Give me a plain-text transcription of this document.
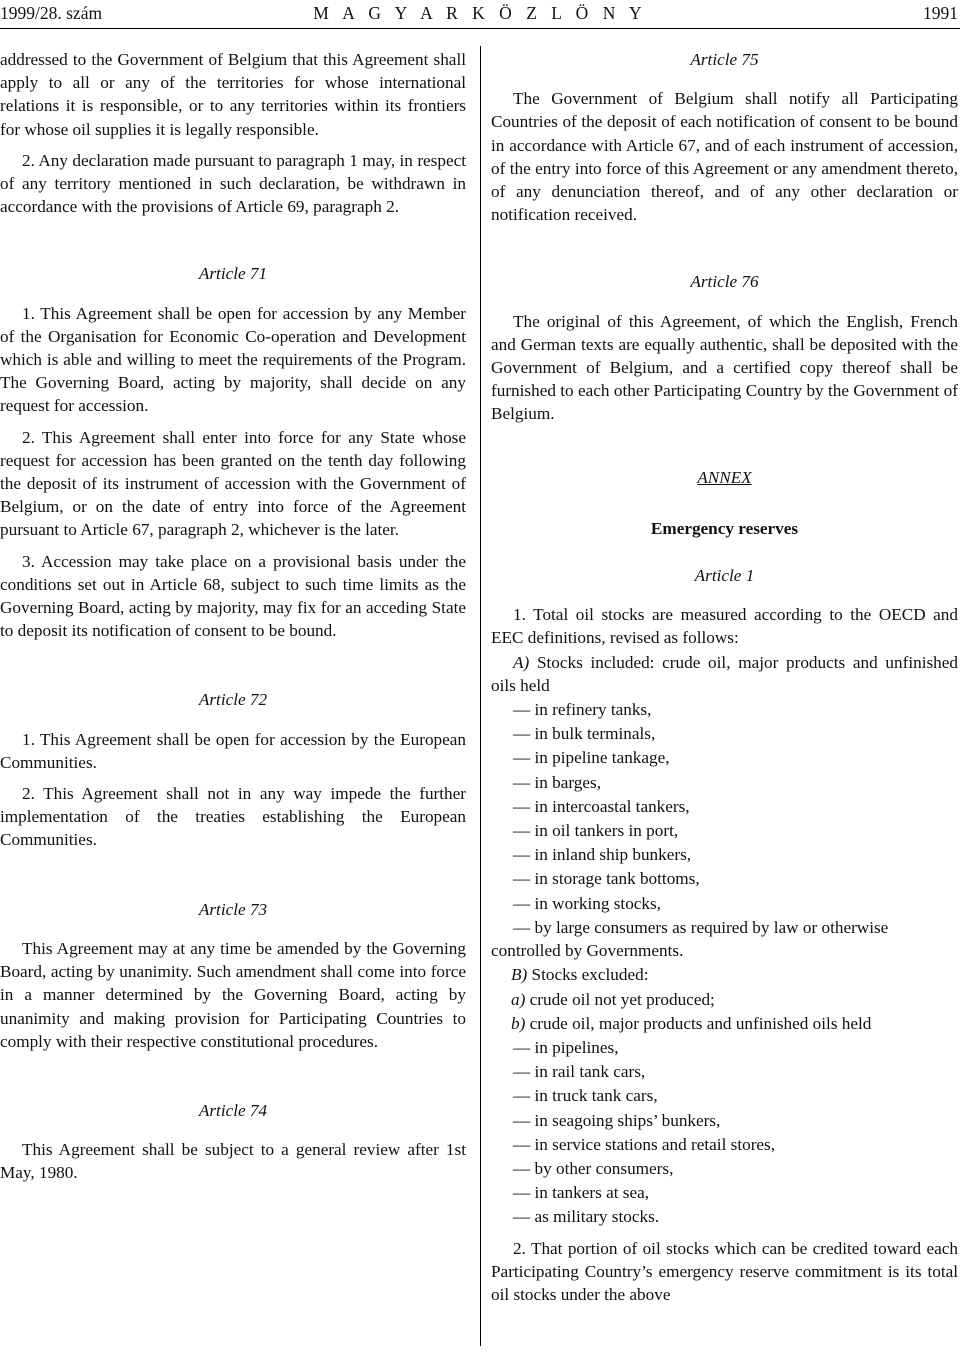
1999/28. szám	M A G Y A R K Ö Z L Ö N Y	1991

addressed to the Government of Belgium that this Agreement shall apply to all or any of the territories for whose international relations it is responsible, or to any territories within its frontiers for whose oil supplies it is legally responsible.

2. Any declaration made pursuant to paragraph 1 may, in respect of any territory mentioned in such declaration, be withdrawn in accordance with the provisions of Article 69, paragraph 2.

Article 71

1. This Agreement shall be open for accession by any Member of the Organisation for Economic Co-operation and Development which is able and willing to meet the requirements of the Program. The Governing Board, acting by majority, shall decide on any request for accession.

2. This Agreement shall enter into force for any State whose request for accession has been granted on the tenth day following the deposit of its instrument of accession with the Government of Belgium, or on the date of entry into force of the Agreement pursuant to Article 67, paragraph 2, whichever is the later.

3. Accession may take place on a provisional basis under the conditions set out in Article 68, subject to such time limits as the Governing Board, acting by majority, may fix for an acceding State to deposit its notification of consent to be bound.

Article 72

1. This Agreement shall be open for accession by the European Communities.

2. This Agreement shall not in any way impede the further implementation of the treaties establishing the European Communities.

Article 73

This Agreement may at any time be amended by the Governing Board, acting by unanimity. Such amendment shall come into force in a manner determined by the Governing Board, acting by unanimity and making provision for Participating Countries to comply with their respective constitutional procedures.

Article 74

This Agreement shall be subject to a general review after 1st May, 1980.

Article 75

The Government of Belgium shall notify all Participating Countries of the deposit of each notification of consent to be bound in accordance with Article 67, and of each instrument of accession, of the entry into force of this Agreement or any amendment thereto, of any denunciation thereof, and of any other declaration or notification received.

Article 76

The original of this Agreement, of which the English, French and German texts are equally authentic, shall be deposited with the Government of Belgium, and a certified copy thereof shall be furnished to each other Participating Country by the Government of Belgium.

ANNEX

Emergency reserves

Article 1

1. Total oil stocks are measured according to the OECD and EEC definitions, revised as follows:

A) Stocks included: crude oil, major products and unfinished oils held

— in refinery tanks,
— in bulk terminals,
— in pipeline tankage,
— in barges,
— in intercoastal tankers,
— in oil tankers in port,
— in inland ship bunkers,
— in storage tank bottoms,
— in working stocks,
— by large consumers as required by law or otherwise controlled by Governments.
B) Stocks excluded:
a) crude oil not yet produced;
b) crude oil, major products and unfinished oils held
— in pipelines,
— in rail tank cars,
— in truck tank cars,
— in seagoing ships’ bunkers,
— in service stations and retail stores,
— by other consumers,
— in tankers at sea,
— as military stocks.

2. That portion of oil stocks which can be credited toward each Participating Country’s emergency reserve commitment is its total oil stocks under the above
